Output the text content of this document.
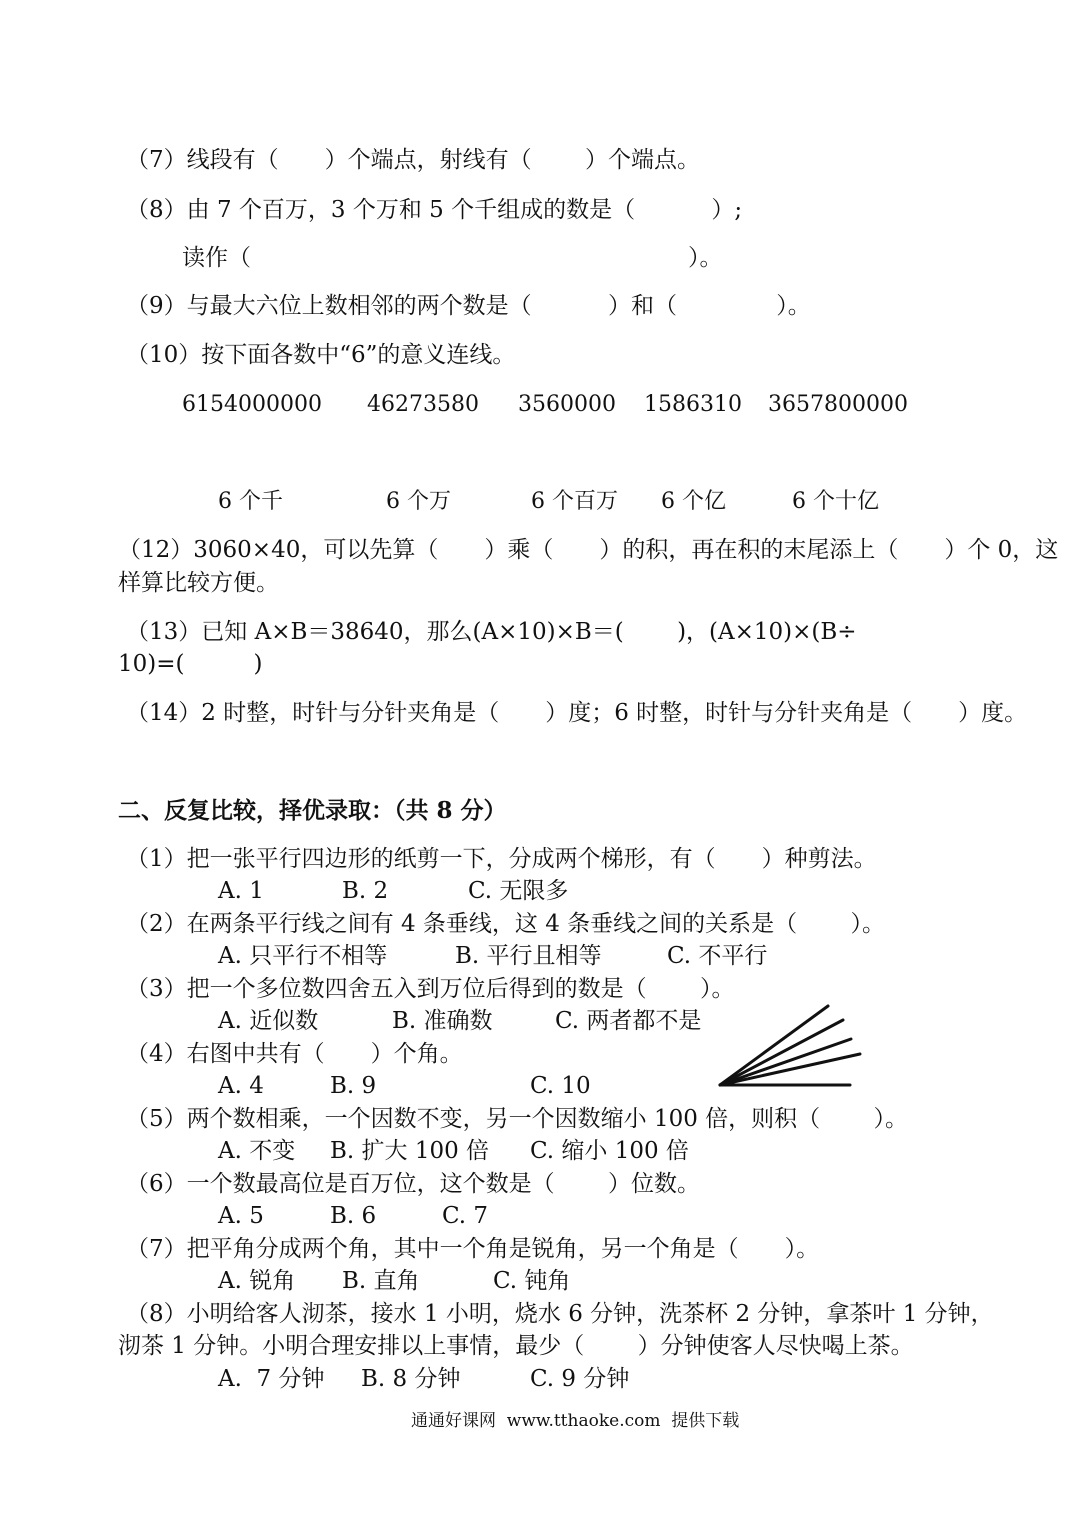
（7）线段有（　　）个端点，射线有（　　 ）个端点。
（8）由 7 个百万，3 个万和 5 个千组成的数是（　　　 ）;
读作（　　　　　　　　　　　　　　　　　　　）。
（9）与最大六位上数相邻的两个数是（　　　 ）和（　　　　 ）。
（10）按下面各数中“6”的意义连线。
6154000000 46273580 3560000 1586310 3657800000
6 个千	6 个万	6 个百万 6 个亿	6 个十亿
（12）3060×40，可以先算（　　）乘（　　）的积，再在积的末尾添上（　　）个 0，这
样算比较方便。
（13）已知 A×B＝38640，那么(A×10)×B＝(　　 )，(A×10)×(B÷
10)=(　　　)
（14）2 时整，时针与分针夹角是（　　）度；6 时整，时针与分针夹角是（　　）度。
二、反复比较，择优录取：（共 8 分）
（1）把一张平行四边形的纸剪一下，分成两个梯形，有（　　）种剪法。
A. 1	B. 2	C. 无限多
（2）在两条平行线之间有 4 条垂线，这 4 条垂线之间的关系是（　　 ）。
A. 只平行不相等	B. 平行且相等	C. 不平行
（3）把一个多位数四舍五入到万位后得到的数是（　　 ）。
A. 近似数	B. 准确数	C. 两者都不是
（4）右图中共有（　　）个角。
A. 4	B. 9	C. 10
（5）两个数相乘，一个因数不变，另一个因数缩小 100 倍，则积（　　 ）。
A. 不变 B. 扩大 100 倍 C. 缩小 100 倍
（6）一个数最高位是百万位，这个数是（　　 ）位数。
A. 5	B. 6	C. 7
（7）把平角分成两个角，其中一个角是锐角，另一个角是（　　）。
A. 锐角 B. 直角	C. 钝角
（8）小明给客人沏茶，接水 1 小明，烧水 6 分钟，洗茶杯 2 分钟，拿茶叶 1 分钟，
沏茶 1 分钟。小明合理安排以上事情，最少（　　 ）分钟使客人尽快喝上茶。
A.  7 分钟 B. 8 分钟	C. 9 分钟
通通好课网  www.tthaoke.com  提供下载
